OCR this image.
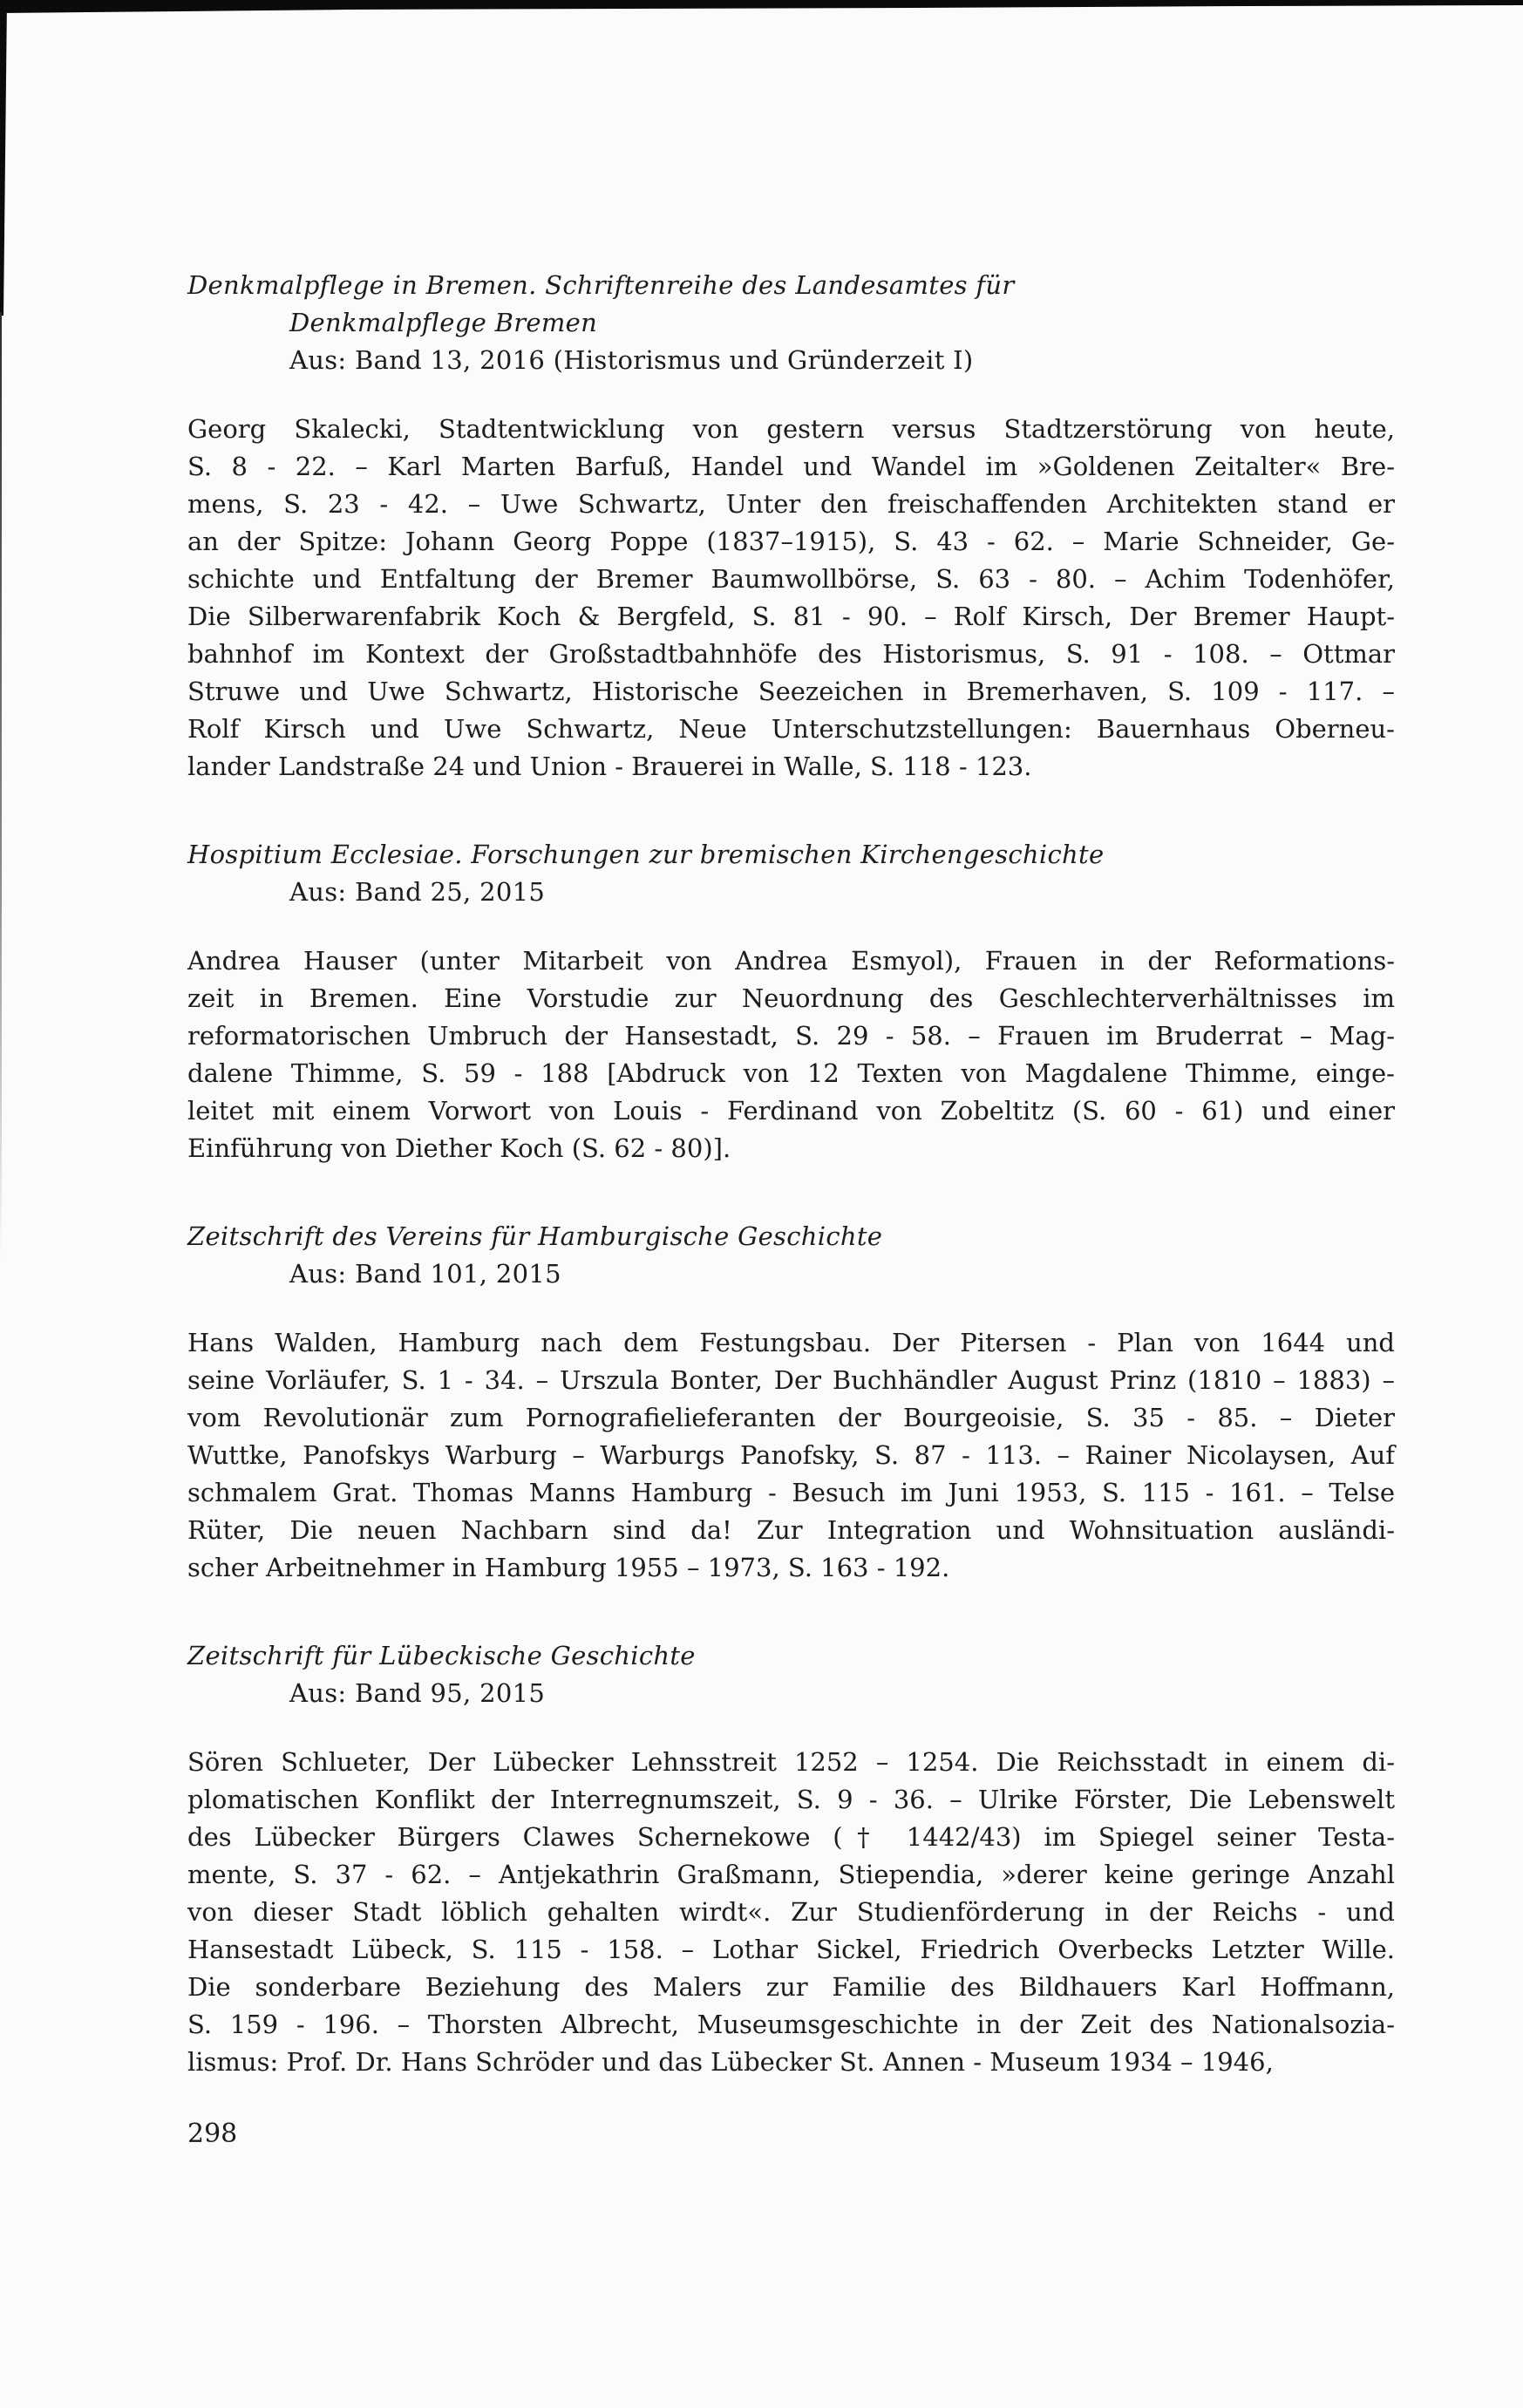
Denkmalpflege in Bremen. Schriftenreihe des Landesamtes für
Denkmalpflege Bremen
Aus: Band 13, 2016 (Historismus und Gründerzeit I)
Georg Skalecki, Stadtentwicklung von gestern versus Stadtzerstörung von heute,
S. 8 - 22. – Karl Marten Barfuß, Handel und Wandel im »Goldenen Zeitalter« Bre-
mens, S. 23 - 42. – Uwe Schwartz, Unter den freischaffenden Architekten stand er
an der Spitze: Johann Georg Poppe (1837–1915), S. 43 - 62. – Marie Schneider, Ge-
schichte und Entfaltung der Bremer Baumwollbörse, S. 63 - 80. – Achim Todenhöfer,
Die Silberwarenfabrik Koch & Bergfeld, S. 81 - 90. – Rolf Kirsch, Der Bremer Haupt-
bahnhof im Kontext der Großstadtbahnhöfe des Historismus, S. 91 - 108. – Ottmar
Struwe und Uwe Schwartz, Historische Seezeichen in Bremerhaven, S. 109 - 117. –
Rolf Kirsch und Uwe Schwartz, Neue Unterschutzstellungen: Bauernhaus Oberneu-
lander Landstraße 24 und Union - Brauerei in Walle, S. 118 - 123.
Hospitium Ecclesiae. Forschungen zur bremischen Kirchengeschichte
Aus: Band 25, 2015
Andrea Hauser (unter Mitarbeit von Andrea Esmyol), Frauen in der Reformations-
zeit in Bremen. Eine Vorstudie zur Neuordnung des Geschlechterverhältnisses im
reformatorischen Umbruch der Hansestadt, S. 29 - 58. – Frauen im Bruderrat – Mag-
dalene Thimme, S. 59 - 188 [Abdruck von 12 Texten von Magdalene Thimme, einge-
leitet mit einem Vorwort von Louis - Ferdinand von Zobeltitz (S. 60 - 61) und einer
Einführung von Diether Koch (S. 62 - 80)].
Zeitschrift des Vereins für Hamburgische Geschichte
Aus: Band 101, 2015
Hans Walden, Hamburg nach dem Festungsbau. Der Pitersen - Plan von 1644 und
seine Vorläufer, S. 1 - 34. – Urszula Bonter, Der Buchhändler August Prinz (1810 – 1883) –
vom Revolutionär zum Pornografielieferanten der Bourgeoisie, S. 35 - 85. – Dieter
Wuttke, Panofskys Warburg – Warburgs Panofsky, S. 87 - 113. – Rainer Nicolaysen, Auf
schmalem Grat. Thomas Manns Hamburg - Besuch im Juni 1953, S. 115 - 161. – Telse
Rüter, Die neuen Nachbarn sind da! Zur Integration und Wohnsituation ausländi-
scher Arbeitnehmer in Hamburg 1955 – 1973, S. 163 - 192.
Zeitschrift für Lübeckische Geschichte
Aus: Band 95, 2015
Sören Schlueter, Der Lübecker Lehnsstreit 1252 – 1254. Die Reichsstadt in einem di-
plomatischen Konflikt der Interregnumszeit, S. 9 - 36. – Ulrike Förster, Die Lebenswelt
des Lübecker Bürgers Clawes Schernekowe († 1442/43) im Spiegel seiner Testa-
mente, S. 37 - 62. – Antjekathrin Graßmann, Stiependia, »derer keine geringe Anzahl
von dieser Stadt löblich gehalten wirdt«. Zur Studienförderung in der Reichs - und
Hansestadt Lübeck, S. 115 - 158. – Lothar Sickel, Friedrich Overbecks Letzter Wille.
Die sonderbare Beziehung des Malers zur Familie des Bildhauers Karl Hoffmann,
S. 159 - 196. – Thorsten Albrecht, Museumsgeschichte in der Zeit des Nationalsozia-
lismus: Prof. Dr. Hans Schröder und das Lübecker St. Annen - Museum 1934 – 1946,
298
